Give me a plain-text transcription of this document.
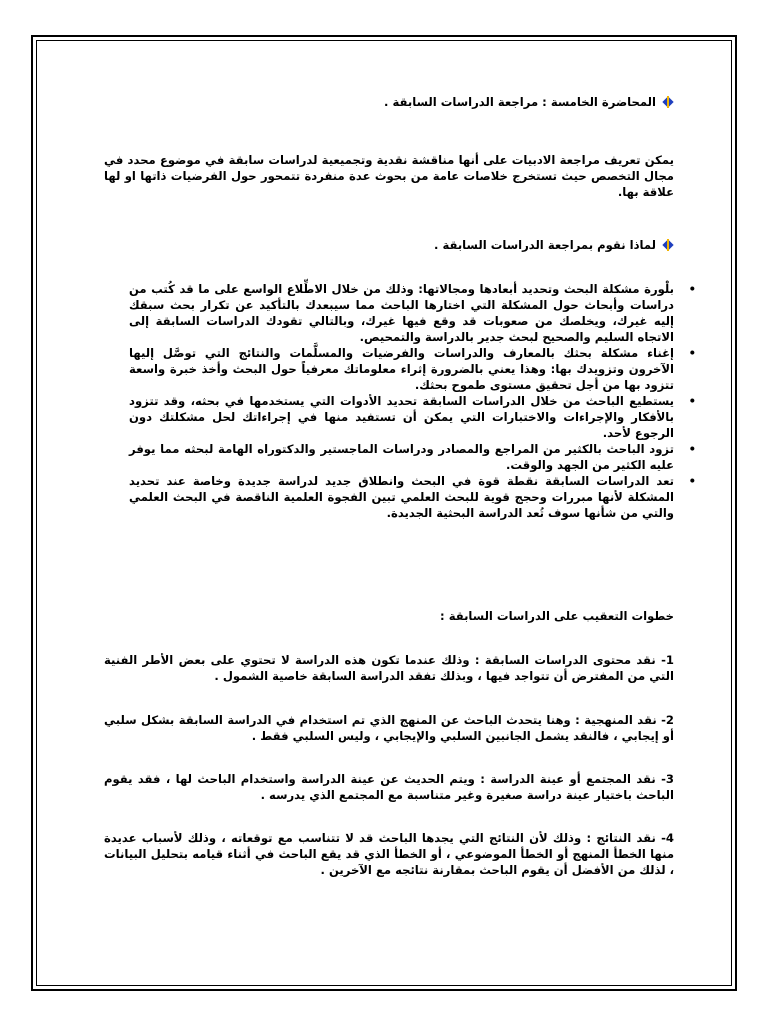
المحاضرة الخامسة : مراجعة الدراسات السابقة .
يمكن تعريف مراجعة الادبيات على أنها مناقشة نقدية وتجميعية لدراسات سابقة في موضوع محدد في مجال التخصص حيث تستخرج خلاصات عامة من بحوث عدة منفردة تتمحور حول الفرضيات ذاتها او لها علاقة بها.
لماذا نقوم بمراجعة الدراسات السابقة .
•
بلْورة مشكلة البحث وتحديد أبعادها ومجالاتها: وذلك من خلال الاطِّلاع الواسع على ما قد كُتب من دراسات وأبحاث حول المشكلة التي اختارها الباحث مما سيبعدك بالتأكيد عن تكرار بحث سبقك إليه غيرك، ويخلصك من صعوبات قد وقع فيها غيرك، وبالتالي تقودك الدراسات السابقة إلى الاتجاه السليم والصحيح لبحث جدير بالدراسة والتمحيص.
•
إغناء مشكلة بحثك بالمعارف والدراسات والفرضيات والمسلَّمات والنتائج التي توصَّل إليها الآخرون وتزويدك بها: وهذا يعني بالضرورة إثراء معلوماتك معرفياً حول البحث وأخذ خبرة واسعة تتزود بها من أجل تحقيق مستوى طموح بحثك.
•
يستطيع الباحث من خلال الدراسات السابقة تحديد الأدوات التي يستخدمها في بحثه، وقد تتزود بالأفكار والإجراءات والاختبارات التي يمكن أن تستفيد منها في إجراءاتك لحل مشكلتك دون الرجوع لأحد.
•
تزود الباحث بالكثير من المراجع والمصادر ودراسات الماجستير والدكتوراه الهامة لبحثه مما يوفر عليه الكثير من الجهد والوقت.
•
تعد الدراسات السابقة نقطة قوة في البحث وانطلاق جديد لدراسة جديدة وخاصة عند تحديد المشكلة لأنها مبررات وحجج قوية للبحث العلمي تبين الفجوة العلمية الناقصة في البحث العلمي والتي من شأنها سوف تُعد الدراسة البحثية الجديدة.
خطوات التعقيب على الدراسات السابقة :
1- نقد محتوى الدراسات السابقة : وذلك عندما تكون هذه الدراسة لا تحتوي على بعض الأطر الفنية التي من المفترض أن تتواجد فيها ، وبذلك تفقد الدراسة السابقة خاصية الشمول .
2- نقد المنهجية : وهنا يتحدث الباحث عن المنهج الذي تم استخدام في الدراسة السابقة بشكل سلبي أو إيجابي ، فالنقد يشمل الجانبين السلبي والإيجابي ، وليس السلبي فقط .
3- نقد المجتمع أو عينة الدراسة : ويتم الحديث عن عينة الدراسة واستخدام الباحث لها ، فقد يقوم الباحث باختيار عينة دراسة صغيرة وغير متناسبة مع المجتمع الذي يدرسه .
4- نقد النتائج : وذلك لأن النتائج التي يجدها الباحث قد لا تتناسب مع توقعاته ، وذلك لأسباب عديدة منها الخطأ المنهج أو الخطأ الموضوعي ، أو الخطأ الذي قد يقع الباحث في أثناء قيامه بتحليل البيانات ، لذلك من الأفضل أن يقوم الباحث بمقارنة نتائجه مع الآخرين .
